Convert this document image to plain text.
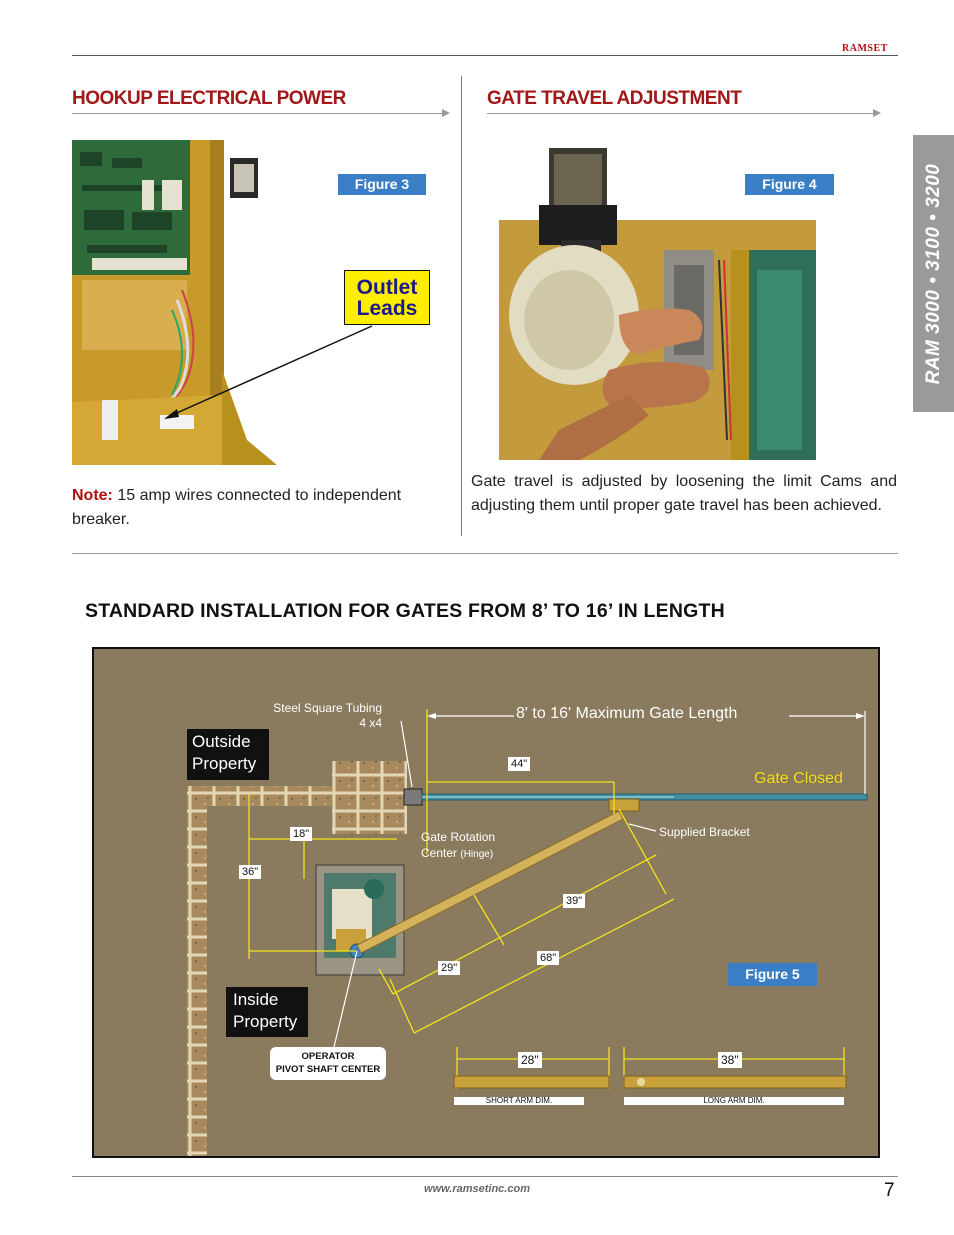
RAMSET
RAM 3000 • 3100 • 3200
HOOKUP ELECTRICAL POWER
Figure 3
Outlet Leads
Note: 15 amp wires connected to independent breaker.
GATE TRAVEL ADJUSTMENT
Figure 4
Gate travel is adjusted by loosening the limit Cams and adjusting them until proper gate travel has been achieved.
STANDARD INSTALLATION FOR GATES FROM 8’ TO 16’ IN LENGTH
Steel Square Tubing
4 x4
8' to 16' Maximum Gate Length
Outside
Property
Inside
Property
Gate Closed
44"
18"
36"
39"
68"
29"
28"	38"
Gate Rotation
Center (Hinge)
Supplied Bracket
Figure 5
OPERATOR
PIVOT SHAFT CENTER
SHORT ARM DIM.	LONG ARM DIM.
www.ramsetinc.com	7
